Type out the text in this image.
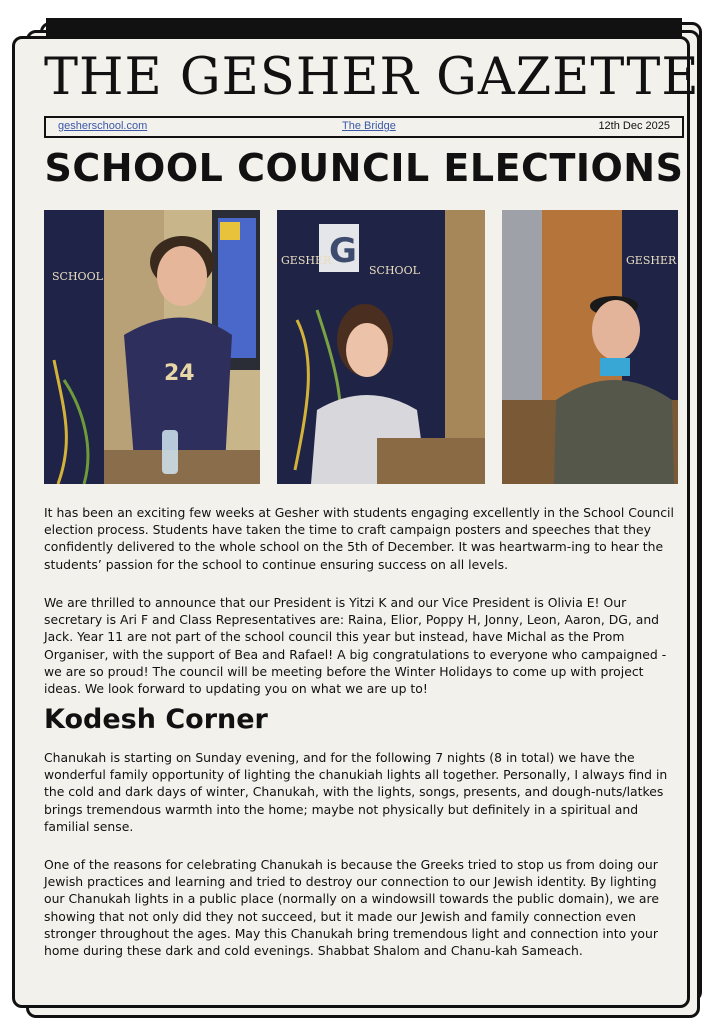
THE GESHER GAZETTE
gesherschool.com	The Bridge	12th Dec 2025
SCHOOL COUNCIL ELECTIONS
SCHOOL
24
G
GESHER
SCHOOL
GESHER
It has been an exciting few weeks at Gesher with students engaging excellently in the School Council election process. Students have taken the time to craft campaign posters and speeches that they confidently delivered to the whole school on the 5th of December. It was heartwarm-ing to hear the students’ passion for the school to continue ensuring success on all levels.
We are thrilled to announce that our President is Yitzi K and our Vice President is Olivia E! Our secretary is Ari F and Class Representatives are: Raina, Elior, Poppy H, Jonny, Leon, Aaron, DG, and Jack. Year 11 are not part of the school council this year but instead, have Michal as the Prom Organiser, with the support of Bea and Rafael! A big congratulations to everyone who campaigned - we are so proud! The council will be meeting before the Winter Holidays to come up with project ideas. We look forward to updating you on what we are up to!
Kodesh Corner
Chanukah is starting on Sunday evening, and for the following 7 nights (8 in total) we have the wonderful family opportunity of lighting the chanukiah lights all together. Personally, I always find in the cold and dark days of winter, Chanukah, with the lights, songs, presents, and dough-nuts/latkes brings tremendous warmth into the home; maybe not physically but definitely in a spiritual and familial sense.
One of the reasons for celebrating Chanukah is because the Greeks tried to stop us from doing our Jewish practices and learning and tried to destroy our connection to our Jewish identity. By lighting our Chanukah lights in a public place (normally on a windowsill towards the public domain), we are showing that not only did they not succeed, but it made our Jewish and family connection even stronger throughout the ages. May this Chanukah bring tremendous light and connection into your home during these dark and cold evenings. Shabbat Shalom and Chanu-kah Sameach.
